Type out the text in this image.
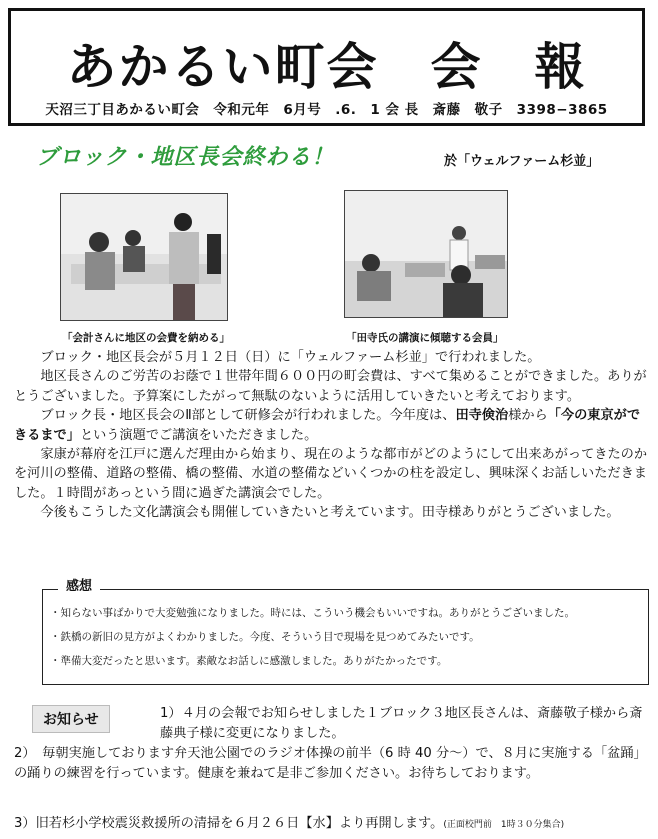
あかるい町会　会　報
天沼三丁目あかるい町会　令和元年　6月号　.6.　1 会 長　斎藤　敬子　3398−3865
ブロック・地区長会終わる！	於「ウェルファーム杉並」
「会計さんに地区の会費を納める」	「田寺氏の講演に傾聴する会員」

ブロック・地区長会が５月１２日（日）に「ウェルファーム杉並」で行われました。

地区長さんのご労苦のお蔭で１世帯年間６００円の町会費は、すべて集めることができました。ありがとうございました。予算案にしたがって無駄のないように活用していきたいと考えております。

ブロック長・地区長会のⅡ部として研修会が行われました。今年度は、田寺倹治様から「今の東京ができるまで」という演題でご講演をいただきました。

家康が幕府を江戸に選んだ理由から始まり、現在のような都市がどのようにして出来あがってきたのかを河川の整備、道路の整備、橋の整備、水道の整備などいくつかの柱を設定し、興味深くお話しいただきました。１時間があっという間に過ぎた講演会でした。

今後もこうした文化講演会も開催していきたいと考えています。田寺様ありがとうございました。

感想
・知らない事ばかりで大変勉強になりました。時には、こういう機会もいいですね。ありがとうございました。
・鉄橋の新旧の見方がよくわかりました。今度、そういう目で現場を見つめてみたいです。
・準備大変だったと思います。素敵なお話しに感激しました。ありがたかったです。
お知らせ	1）４月の会報でお知らせしました１ブロック３地区長さんは、斎藤敬子様から斎藤典子様に変更になりました。
2）　毎朝実施しております弁天池公園でのラジオ体操の前半（6 時 40 分〜）で、８月に実施する「盆踊」の踊りの練習を行っています。健康を兼ねて是非ご参加ください。お待ちしております。
3）旧若杉小学校震災救援所の清掃を６月２６日【水】より再開します。(正面校門前　1時３０分集合)
